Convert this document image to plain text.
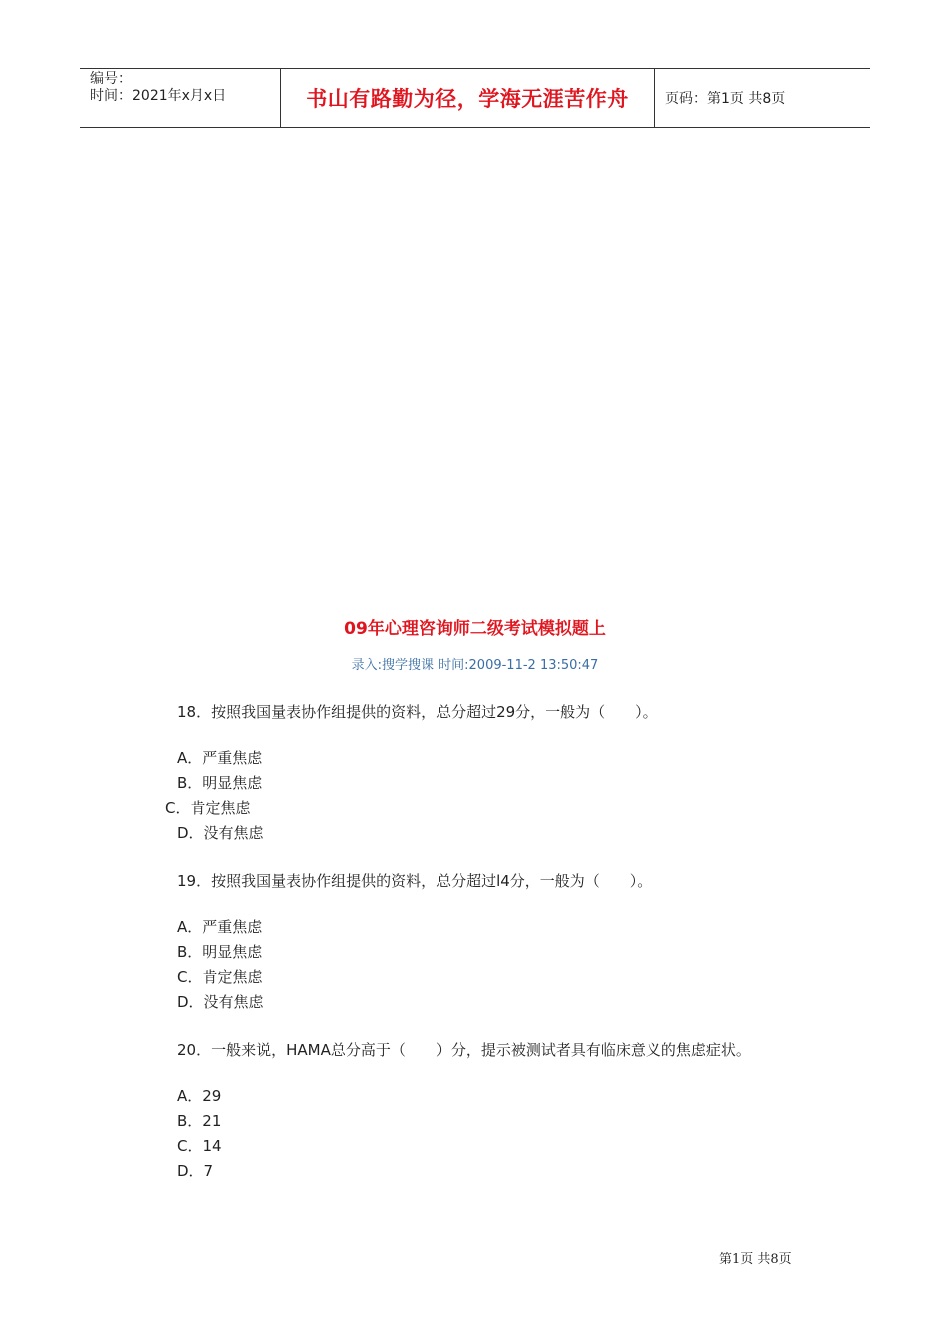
编号：
时间：2021年x月x日	书山有路勤为径，学海无涯苦作舟	页码：第1页 共8页
09年心理咨询师二级考试模拟题上
录入:搜学搜课 时间:2009-11-2 13:50:47
18．按照我国量表协作组提供的资料，总分超过29分，一般为（　　）。
A．严重焦虑
B．明显焦虑
C．肯定焦虑
D．没有焦虑
19．按照我国量表协作组提供的资料，总分超过l4分，一般为（　　）。
A．严重焦虑
B．明显焦虑
C．肯定焦虑
D．没有焦虑
20．一般来说，HAMA总分高于（　　）分，提示被测试者具有临床意义的焦虑症状。
A．29
B．21
C．14
D．7
第1页 共8页
